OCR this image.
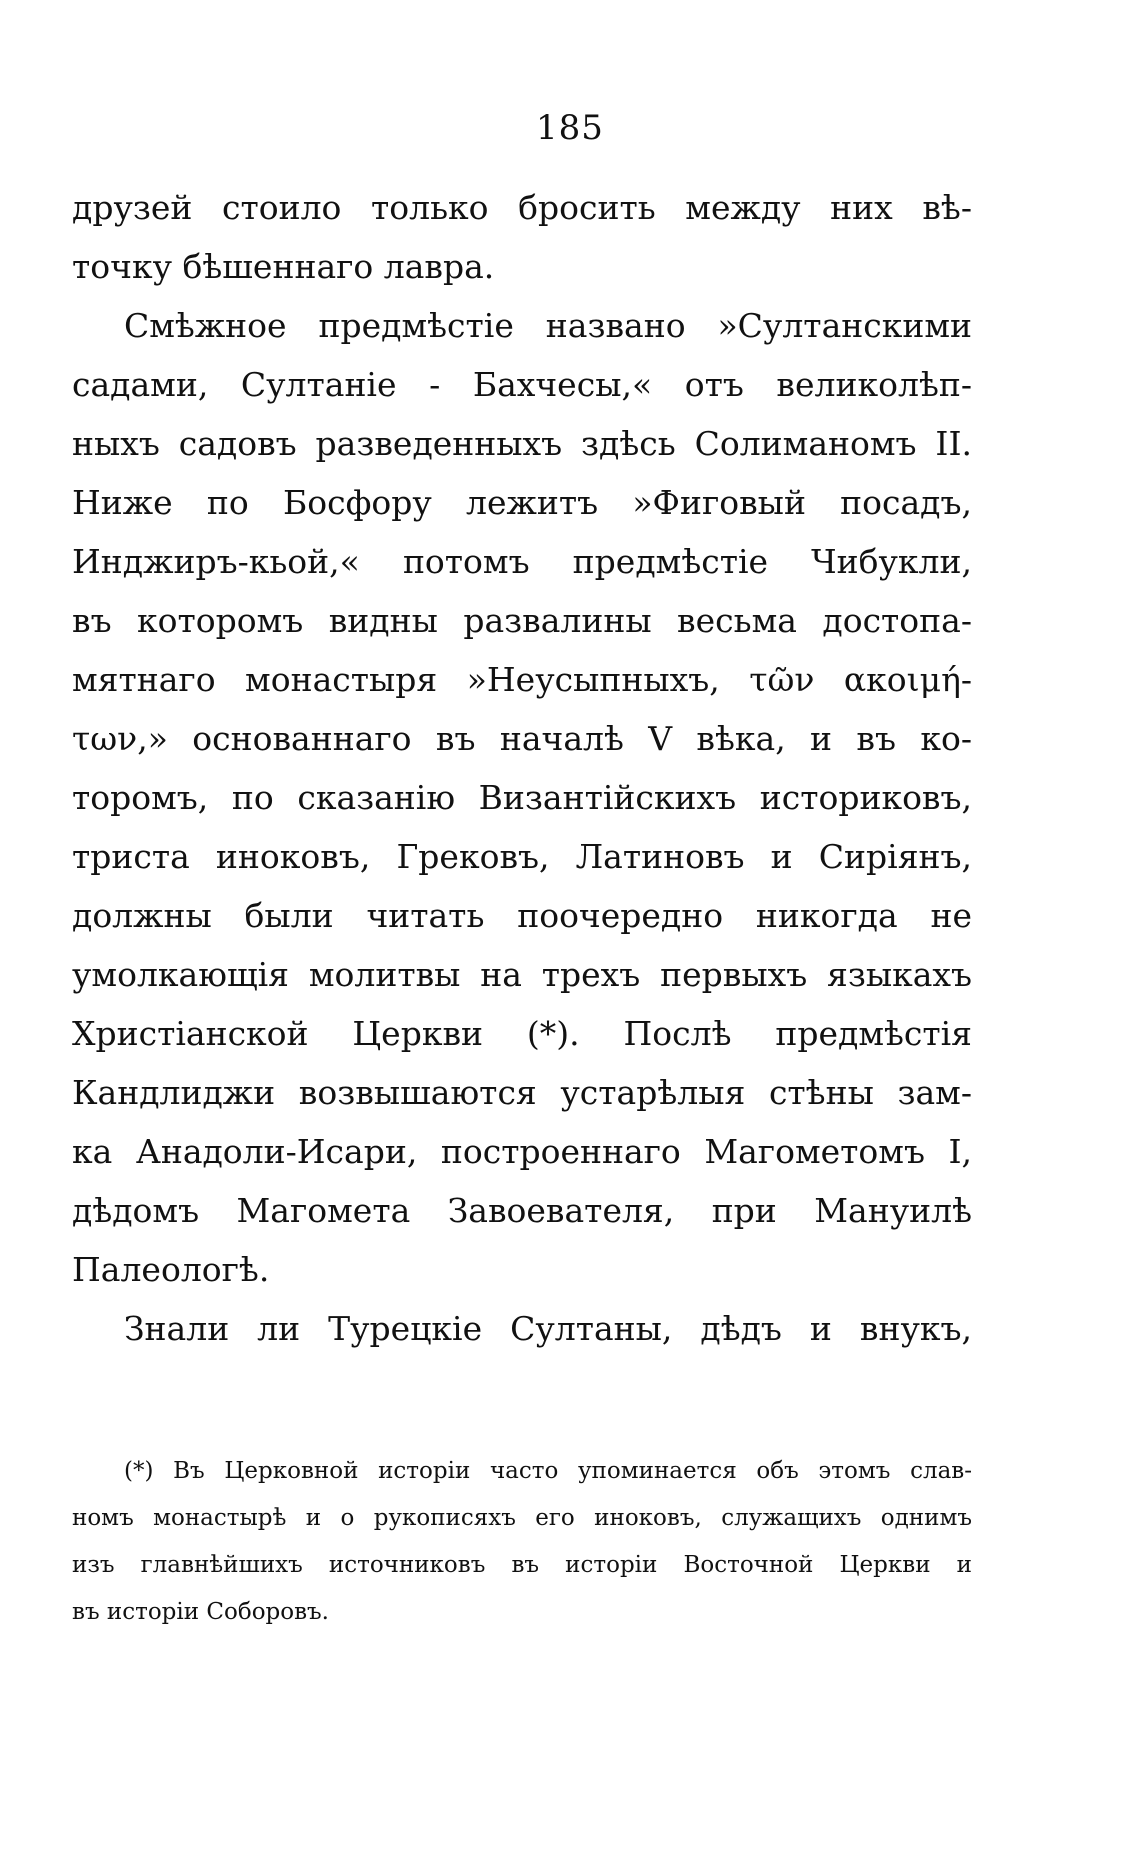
185
друзей стоило только бросить между них вѣ-
точку бѣшеннаго лавра.
Смѣжное предмѣстіе названо »Султанскими
садами, Султаніе - Бахчесы,« отъ великолѣп-
ныхъ садовъ разведенныхъ здѣсь Солиманомъ II.
Ниже по Босфору лежитъ »Фиговый посадъ,
Инджиръ-кьой,« потомъ предмѣстіе Чибукли,
въ которомъ видны развалины весьма достопа-
мятнаго монастыря »Неусыпныхъ, τῶν ακοιμή-
των,» основаннаго въ началѣ V вѣка, и въ ко-
торомъ, по сказанію Византійскихъ историковъ,
триста иноковъ, Грековъ, Латиновъ и Сиріянъ,
должны были читать поочередно никогда не
умолкающія молитвы на трехъ первыхъ языкахъ
Христіанской Церкви (*). Послѣ предмѣстія
Кандлиджи возвышаются устарѣлыя стѣны зам-
ка Анадоли-Исари, построеннаго Магометомъ I,
дѣдомъ Магомета Завоевателя, при Мануилѣ
Палеологѣ.
Знали ли Турецкіе Султаны, дѣдъ и внукъ,
(*) Въ Церковной исторіи часто упоминается объ этомъ слав-
номъ монастырѣ и о рукописяхъ его иноковъ, служащихъ однимъ
изъ главнѣйшихъ источниковъ въ исторіи Восточной Церкви и
въ исторіи Соборовъ.
